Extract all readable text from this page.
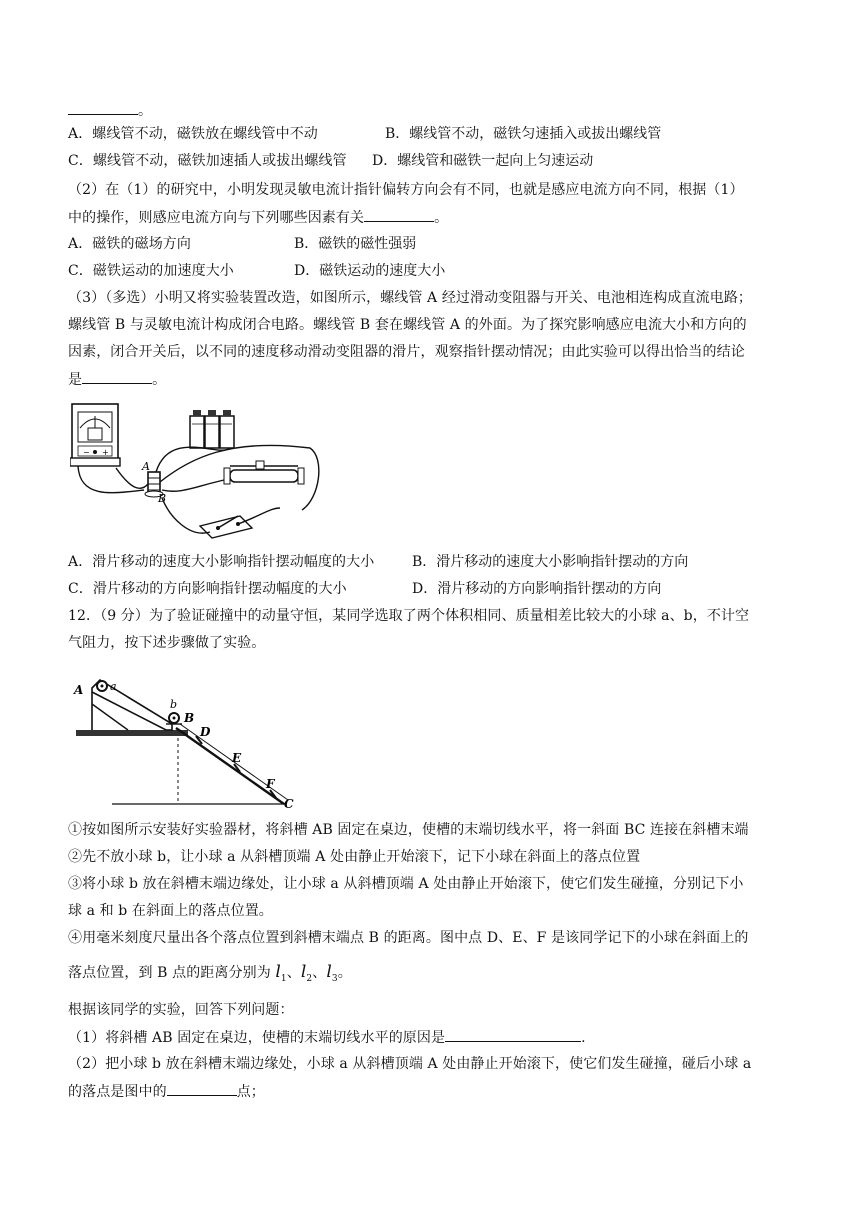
。
A．螺线管不动，磁铁放在螺线管中不动	B．螺线管不动，磁铁匀速插入或拔出螺线管
C．螺线管不动，磁铁加速插人或拔出螺线管 D．螺线管和磁铁一起向上匀速运动
（2）在（1）的研究中，小明发现灵敏电流计指针偏转方向会有不同，也就是感应电流方向不同，根据（1）
中的操作，则感应电流方向与下列哪些因素有关	。
A．磁铁的磁场方向	B．磁铁的磁性强弱
C．磁铁运动的加速度大小	D．磁铁运动的速度大小
（3）（多选）小明又将实验装置改造，如图所示，螺线管 A 经过滑动变阻器与开关、电池相连构成直流电路；
螺线管 B 与灵敏电流计构成闭合电路。螺线管 B 套在螺线管 A 的外面。为了探究影响感应电流大小和方向的
因素，闭合开关后，以不同的速度移动滑动变阻器的滑片，观察指针摆动情况；由此实验可以得出恰当的结论
是	。
− +
A
B
A．滑片移动的速度大小影响指针摆动幅度的大小	B．滑片移动的速度大小影响指针摆动的方向
C．滑片移动的方向影响指针摆动幅度的大小	D．滑片移动的方向影响指针摆动的方向
12．（9 分）为了验证碰撞中的动量守恒，某同学选取了两个体积相同、质量相差比较大的小球 a、b，不计空
气阻力，按下述步骤做了实验。
A a
b
B
D
E
F
C
①按如图所示安装好实验器材，将斜槽 AB 固定在桌边，使槽的末端切线水平，将一斜面 BC 连接在斜槽末端
②先不放小球 b，让小球 a 从斜槽顶端 A 处由静止开始滚下，记下小球在斜面上的落点位置
③将小球 b 放在斜槽末端边缘处，让小球 a 从斜槽顶端 A 处由静止开始滚下，使它们发生碰撞，分别记下小
球 a 和 b 在斜面上的落点位置。
④用毫米刻度尺量出各个落点位置到斜槽末端点 B 的距离。图中点 D、E、F 是该同学记下的小球在斜面上的
落点位置，到 B 点的距离分别为 $l_1$、$l_2$、$l_3$。
根据该同学的实验，回答下列问题：
（1）将斜槽 AB 固定在桌边，使槽的末端切线水平的原因是	.
（2）把小球 b 放在斜槽末端边缘处，小球 a 从斜槽顶端 A 处由静止开始滚下，使它们发生碰撞，碰后小球 a
的落点是图中的	点；
